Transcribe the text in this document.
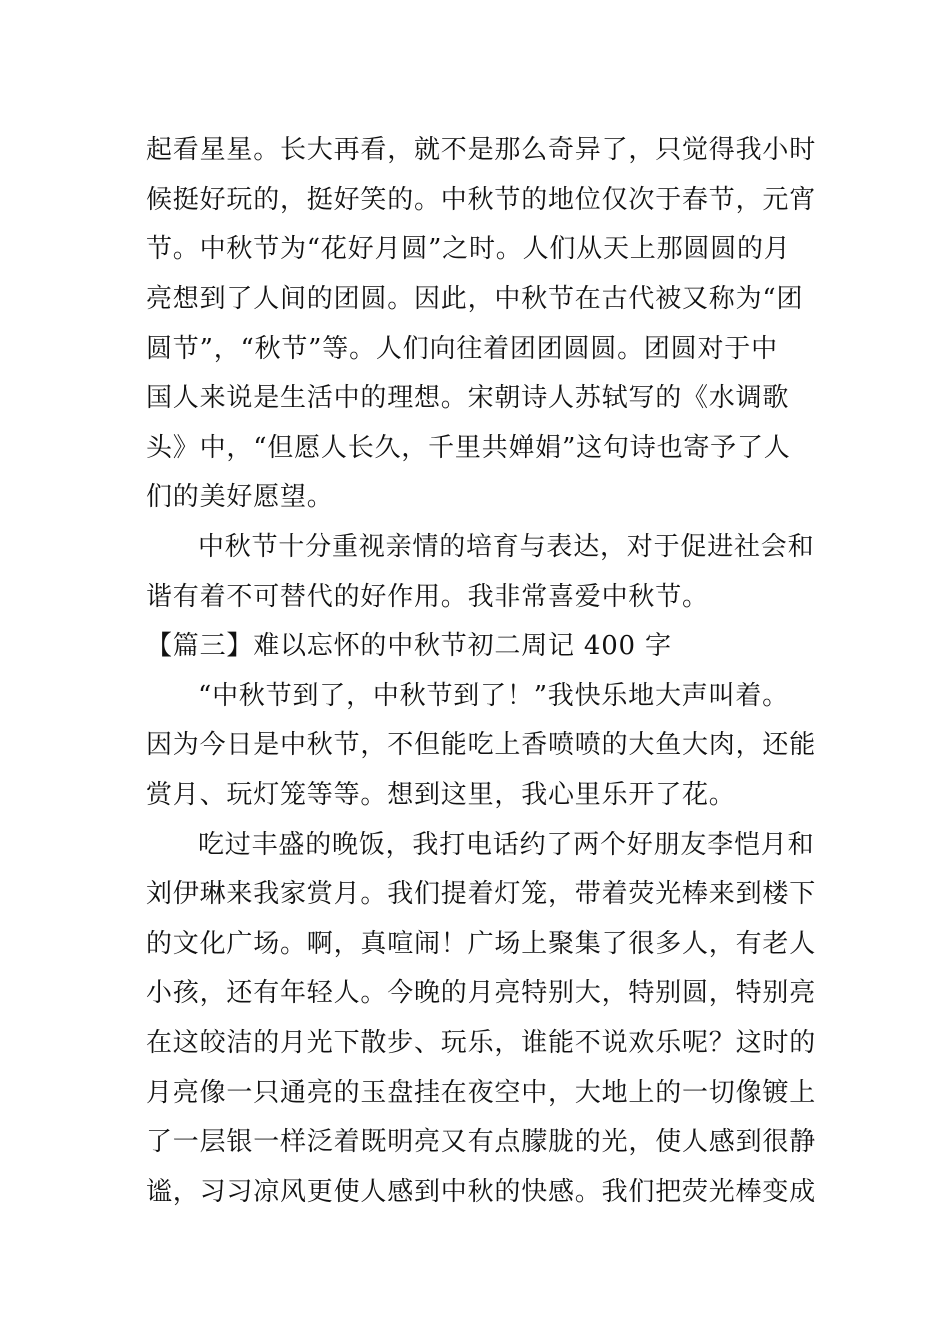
起看星星。长大再看，就不是那么奇异了，只觉得我小时
候挺好玩的，挺好笑的。中秋节的地位仅次于春节，元宵
节。中秋节为“花好月圆”之时。人们从天上那圆圆的月
亮想到了人间的团圆。因此，中秋节在古代被又称为“团
圆节”，“秋节”等。人们向往着团团圆圆。团圆对于中
国人来说是生活中的理想。宋朝诗人苏轼写的《水调歌
头》中，“但愿人长久，千里共婵娟”这句诗也寄予了人
们的美好愿望。
中秋节十分重视亲情的培育与表达，对于促进社会和
谐有着不可替代的好作用。我非常喜爱中秋节。
【篇三】难以忘怀的中秋节初二周记 400 字
“中秋节到了，中秋节到了！”我快乐地大声叫着。
因为今日是中秋节，不但能吃上香喷喷的大鱼大肉，还能
赏月、玩灯笼等等。想到这里，我心里乐开了花。
吃过丰盛的晚饭，我打电话约了两个好朋友李恺月和
刘伊琳来我家赏月。我们提着灯笼，带着荧光棒来到楼下
的文化广场。啊，真喧闹！广场上聚集了很多人，有老人
小孩，还有年轻人。今晚的月亮特别大，特别圆，特别亮
在这皎洁的月光下散步、玩乐，谁能不说欢乐呢？这时的
月亮像一只通亮的玉盘挂在夜空中，大地上的一切像镀上
了一层银一样泛着既明亮又有点朦胧的光，使人感到很静
谧，习习凉风更使人感到中秋的快感。我们把荧光棒变成
